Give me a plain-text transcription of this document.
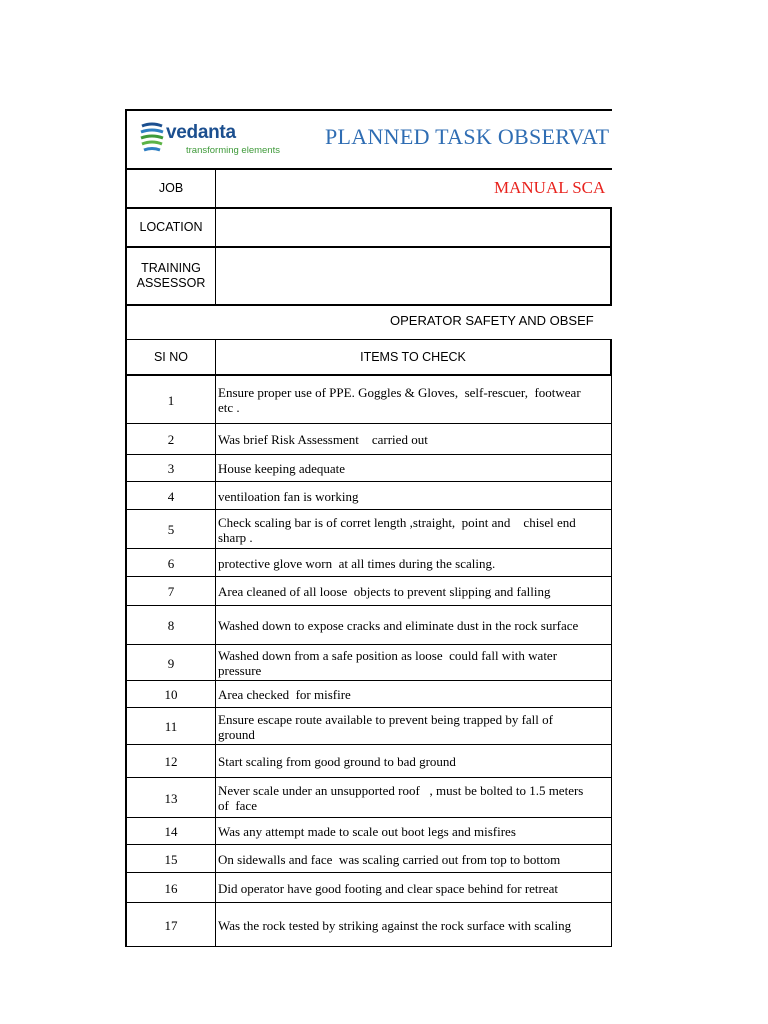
vedanta
transforming elements
PLANNED TASK OBSERVAT
JOB	MANUAL SCA
LOCATION
TRAINING
ASSESSOR
OPERATOR SAFETY AND OBSEF
SI NO	ITEMS TO CHECK
1	Ensure proper use of PPE. Goggles & Gloves,  self-rescuer,  footwear
etc .
2	Was brief Risk Assessment    carried out
3	House keeping adequate
4	ventiloation fan is working
5	Check scaling bar is of corret length ,straight,  point and    chisel end
sharp .
6	protective glove worn  at all times during the scaling.
7	Area cleaned of all loose  objects to prevent slipping and falling
8	Washed down to expose cracks and eliminate dust in the rock surface
9	Washed down from a safe position as loose  could fall with water
pressure
10	Area checked  for misfire
11	Ensure escape route available to prevent being trapped by fall of
ground
12	Start scaling from good ground to bad ground
13	Never scale under an unsupported roof   , must be bolted to 1.5 meters
of  face
14	Was any attempt made to scale out boot legs and misfires
15	On sidewalls and face  was scaling carried out from top to bottom
16	Did operator have good footing and clear space behind for retreat
17	Was the rock tested by striking against the rock surface with scaling
